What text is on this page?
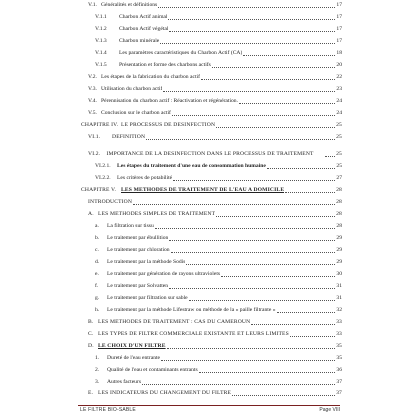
V.1. Généralités et définitions	17
V.1.1	Charbon Actif animal	17
V.1.2	Charbon Actif végétal	17
V.1.3	Charbon minérale	17
V.1.4	Les paramètres caractéristiques du Charbon Actif (CA)	18
V.1.5	Présentation et forme des charbons actifs	20
V.2. Les étapes de la fabrication du charbon actif	22
V.3. Utilisation du charbon actif	23
V.4. Pérennisation du charbon actif : Réactivation et régénération.	24
V.5. Conclusion sur le charbon actif	24
CHAPITRE IV. LE PROCESSUS DE DESINFECTION	25
VI.1.	DEFINITION	25
VI.2. IMPORTANCE DE LA DESINFECTION DANS LE PROCESSUS DE TRAITEMENT	25
VI.2.1.	Les étapes du traitement d'une eau de consommation humaine	25
VI.2.2.	Les critères de potabilité	27
CHAPITRE V. LES METHODES DE TRAITEMENT DE L'EAU A DOMICILE	28
INTRODUCTION	28
A. LES METHODES SIMPLES DE TRAITEMENT	28
a.	La filtration sur tissu	28
b.	Le traitement par ébullition	29
c.	Le traitement par chloration	29
d.	Le traitement par la méthode Sodis	29
e.	Le traitement par génération de rayons ultraviolets	30
f.	Le traitement par Solvatten	31
g.	Le traitement par filtration sur sable	31
h.	Le traitement par la méthode Lifestraw ou méthode de la « paille filtrante »	32
B. LES METHODES DE TRAITEMENT : CAS DU CAMEROUN	33
C. LES TYPES DE FILTRE COMMERCIALE EXISTANTE ET LEURS LIMITES	33
D. LE CHOIX D'UN FILTRE	35
1.	Dureté de l'eau entrante	35
2.	Qualité de l'eau et contaminants entrants	36
3.	Autres facteurs	37
E. LES INDICATEURS DU CHANGEMENT DU FILTRE	37
LE FILTRE BIO-SABLE	Page VIII
